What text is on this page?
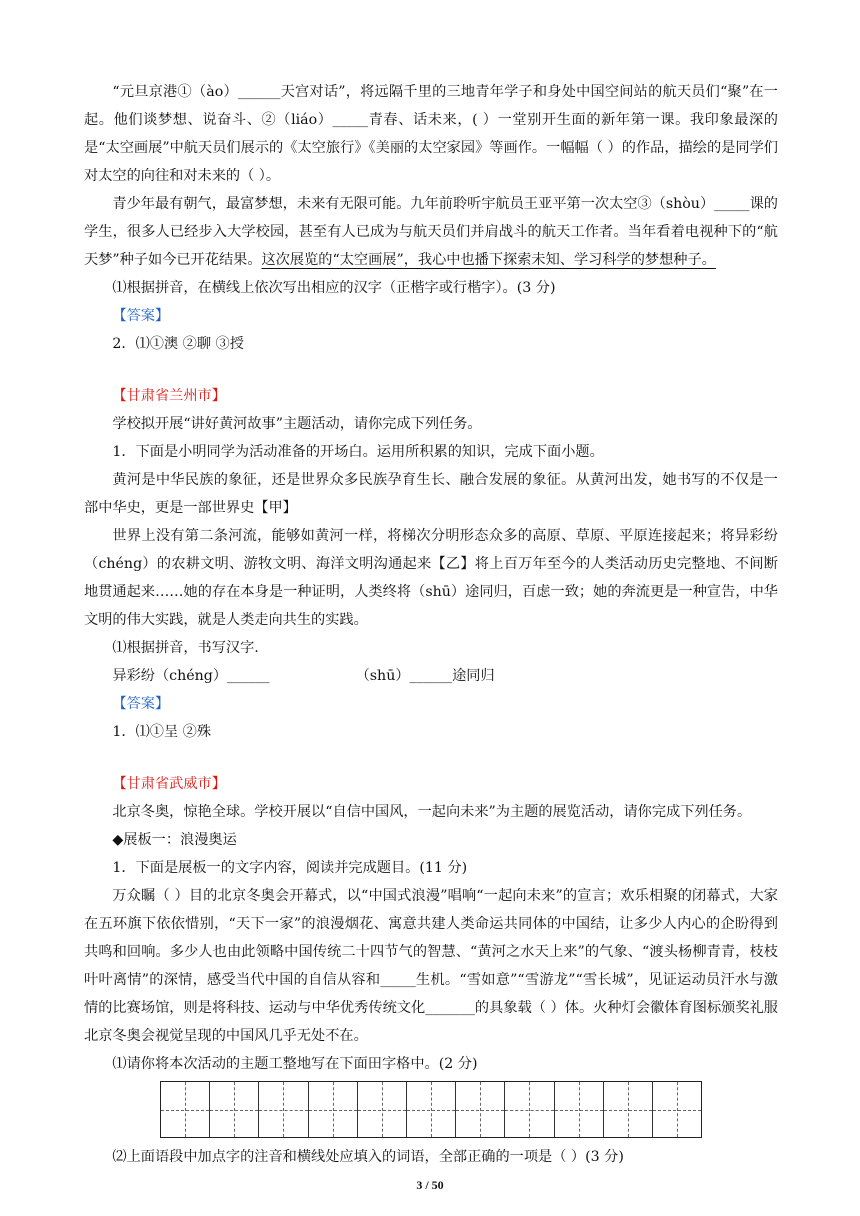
“元旦京港①（ào）______天宫对话”，将远隔千里的三地青年学子和身处中国空间站的航天员们“聚”在一起。他们谈梦想、说奋斗、②（liáo）_____青春、话未来，( ）一堂别开生面的新年第一课。我印象最深的是“太空画展”中航天员们展示的《太空旅行》《美丽的太空家园》等画作。一幅幅（ ）的作品，描绘的是同学们对太空的向往和对未来的（ ）。

青少年最有朝气，最富梦想，未来有无限可能。九年前聆听宇航员王亚平第一次太空③（shòu）_____课的学生，很多人已经步入大学校园，甚至有人已成为与航天员们并肩战斗的航天工作者。当年看着电视种下的“航天梦”种子如今已开花结果。这次展览的“太空画展”，我心中也播下探索未知、学习科学的梦想种子。

⑴根据拼音，在横线上依次写出相应的汉字（正楷字或行楷字）。(3 分)

【答案】

2．⑴①澳 ②聊 ③授

【甘肃省兰州市】

学校拟开展“讲好黄河故事”主题活动，请你完成下列任务。

1．下面是小明同学为活动准备的开场白。运用所积累的知识，完成下面小题。

黄河是中华民族的象征，还是世界众多民族孕育生长、融合发展的象征。从黄河出发，她书写的不仅是一部中华史，更是一部世界史【甲】

世界上没有第二条河流，能够如黄河一样，将梯次分明形态众多的高原、草原、平原连接起来；将异彩纷（chéng）的农耕文明、游牧文明、海洋文明沟通起来【乙】将上百万年至今的人类活动历史完整地、不间断地贯通起来……她的存在本身是一种证明，人类终将（shū）途同归，百虑一致；她的奔流更是一种宣告，中华文明的伟大实践，就是人类走向共生的实践。

⑴根据拼音，书写汉字.

异彩纷（chéng）______	（shū）______途同归

【答案】

1．⑴①呈 ②殊

【甘肃省武威市】

北京冬奥，惊艳全球。学校开展以“自信中国风，一起向未来”为主题的展览活动，请你完成下列任务。

◆展板一：浪漫奥运

1．下面是展板一的文字内容，阅读并完成题目。(11 分)

万众瞩（ ）目的北京冬奥会开幕式，以“中国式浪漫”唱响“一起向未来”的宣言；欢乐相聚的闭幕式，大家在五环旗下依依惜别，“天下一家”的浪漫烟花、寓意共建人类命运共同体的中国结，让多少人内心的企盼得到共鸣和回响。多少人也由此领略中国传统二十四节气的智慧、“黄河之水天上来”的气象、“渡头杨柳青青，枝枝叶叶离情”的深情，感受当代中国的自信从容和_____生机。“雪如意”“雪游龙”“雪长城”，见证运动员汗水与激情的比赛场馆，则是将科技、运动与中华优秀传统文化_______的具象载（ ）体。火种灯会徽体育图标颁奖礼服北京冬奥会视觉呈现的中国风几乎无处不在。

⑴请你将本次活动的主题工整地写在下面田字格中。(2 分)

⑵上面语段中加点字的注音和横线处应填入的词语，全部正确的一项是（ ）(3 分)

3 / 50
